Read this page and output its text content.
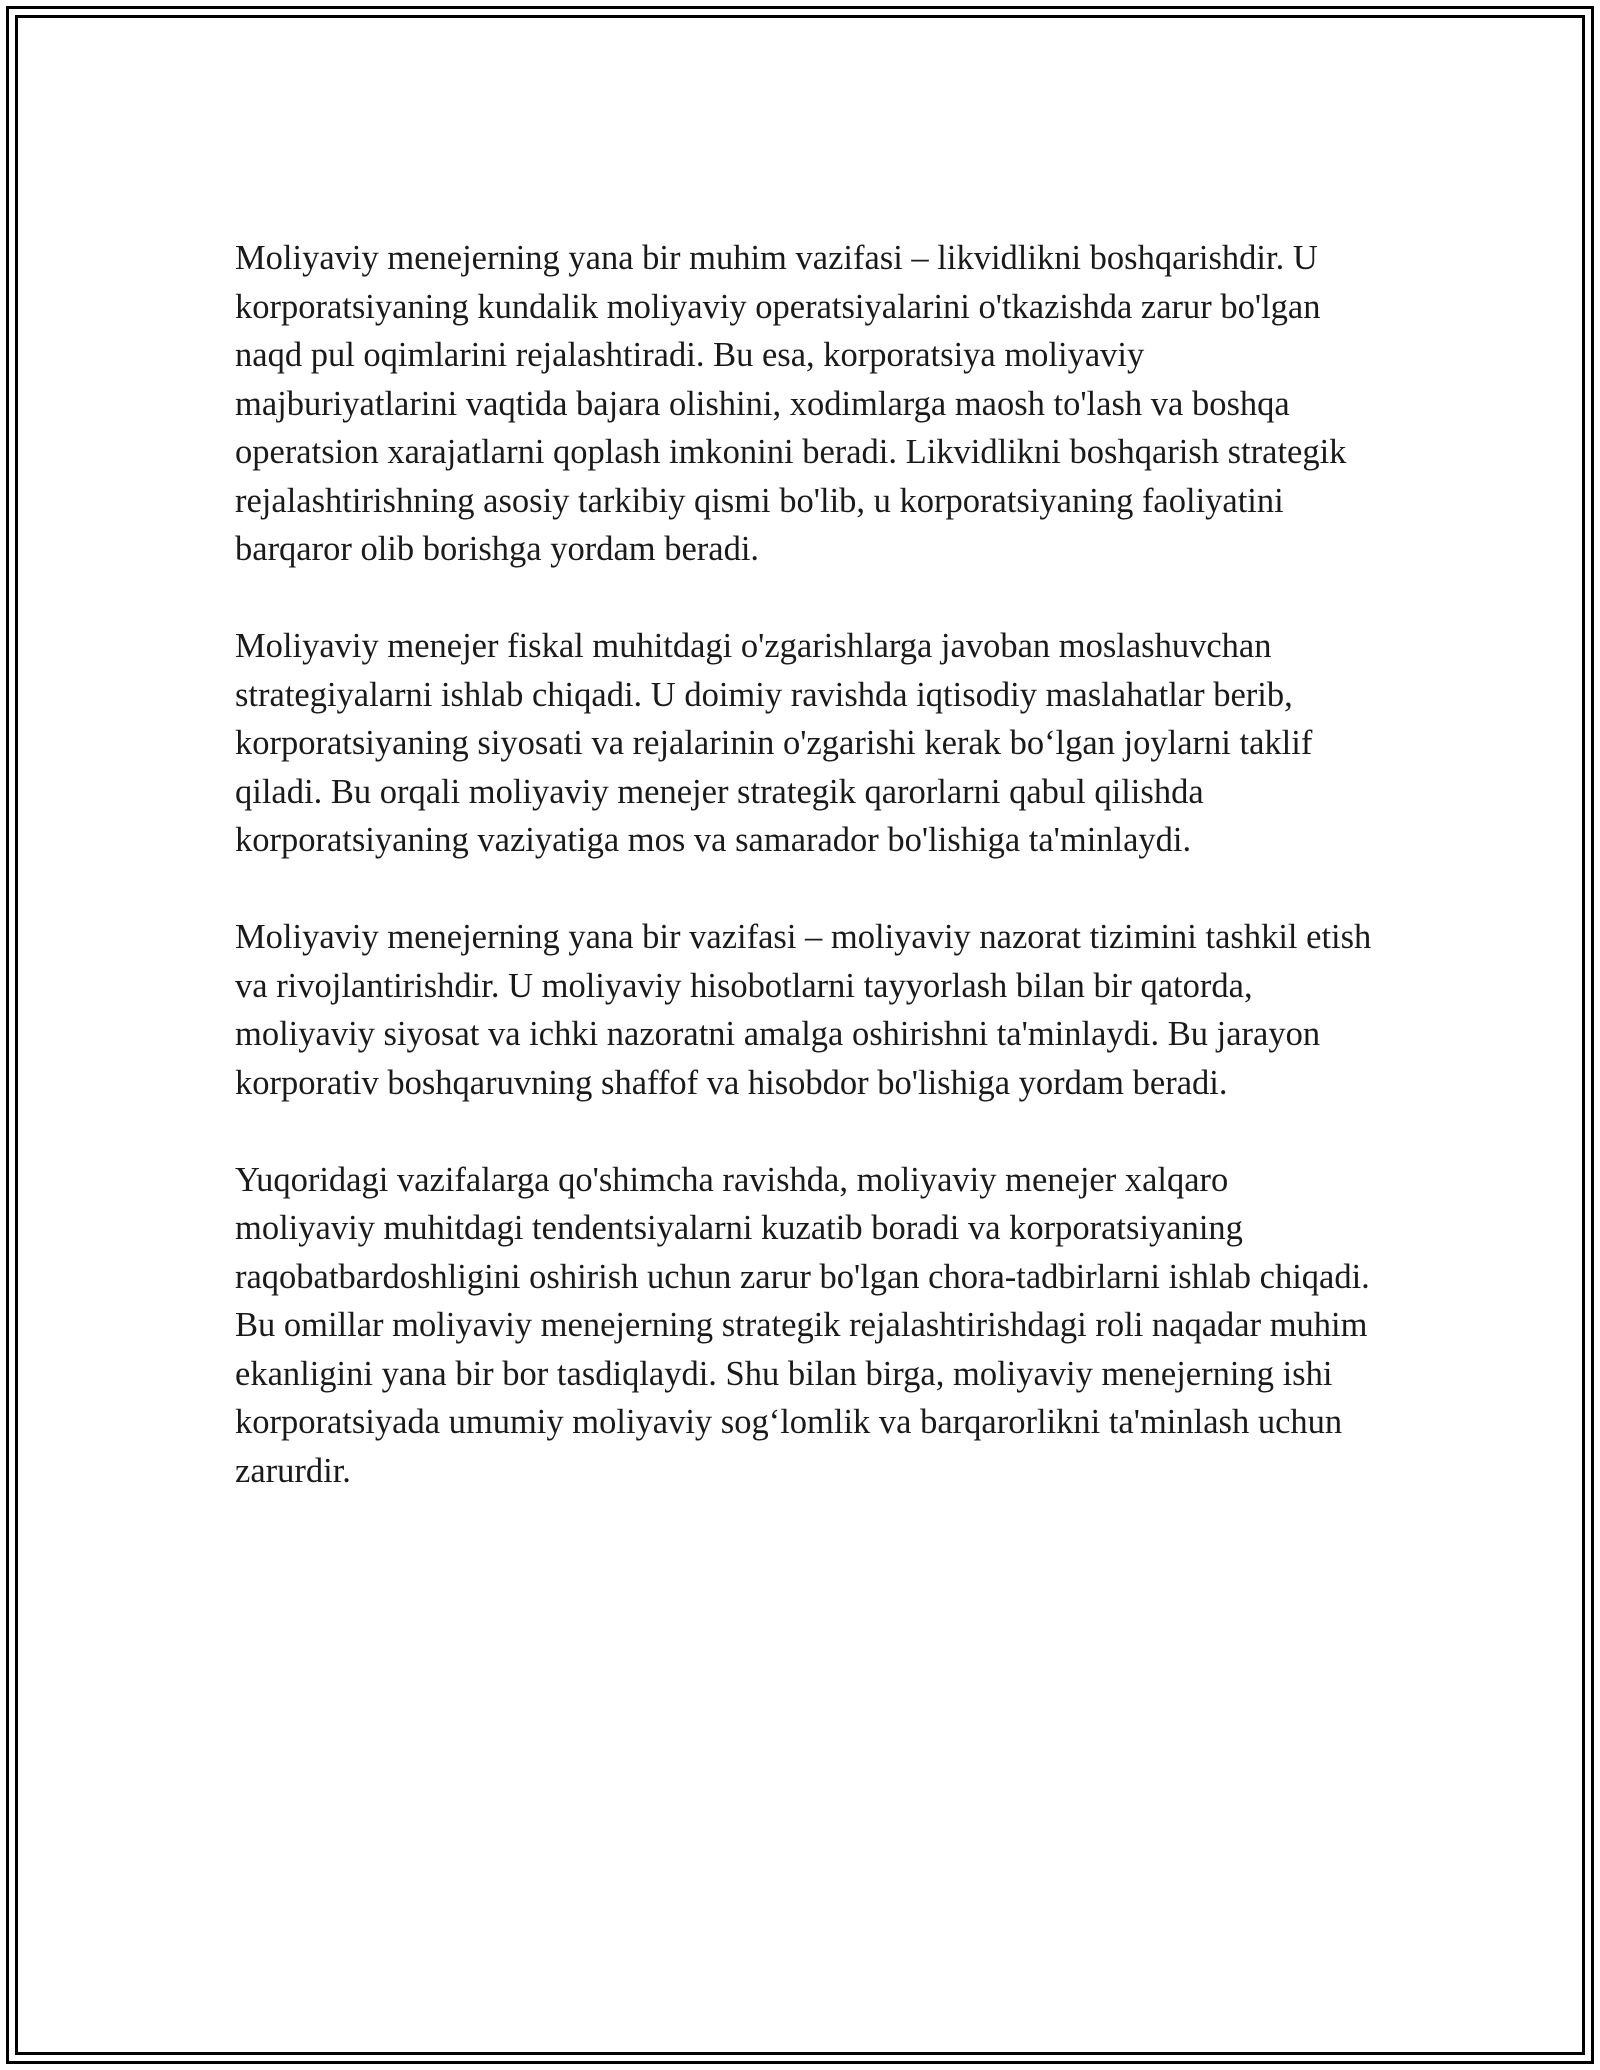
Moliyaviy menejerning yana bir muhim vazifasi – likvidlikni boshqarishdir. U korporatsiyaning kundalik moliyaviy operatsiyalarini o'tkazishda zarur bo'lgan naqd pul oqimlarini rejalashtiradi. Bu esa, korporatsiya moliyaviy majburiyatlarini vaqtida bajara olishini, xodimlarga maosh to'lash va boshqa operatsion xarajatlarni qoplash imkonini beradi. Likvidlikni boshqarish strategik rejalashtirishning asosiy tarkibiy qismi bo'lib, u korporatsiyaning faoliyatini barqaror olib borishga yordam beradi.

Moliyaviy menejer fiskal muhitdagi o'zgarishlarga javoban moslashuvchan strategiyalarni ishlab chiqadi. U doimiy ravishda iqtisodiy maslahatlar berib, korporatsiyaning siyosati va rejalarinin o'zgarishi kerak bo‘lgan joylarni taklif qiladi. Bu orqali moliyaviy menejer strategik qarorlarni qabul qilishda korporatsiyaning vaziyatiga mos va samarador bo'lishiga ta'minlaydi.

Moliyaviy menejerning yana bir vazifasi – moliyaviy nazorat tizimini tashkil etish va rivojlantirishdir. U moliyaviy hisobotlarni tayyorlash bilan bir qatorda, moliyaviy siyosat va ichki nazoratni amalga oshirishni ta'minlaydi. Bu jarayon korporativ boshqaruvning shaffof va hisobdor bo'lishiga yordam beradi.

Yuqoridagi vazifalarga qo'shimcha ravishda, moliyaviy menejer xalqaro moliyaviy muhitdagi tendentsiyalarni kuzatib boradi va korporatsiyaning raqobatbardoshligini oshirish uchun zarur bo'lgan chora-tadbirlarni ishlab chiqadi. Bu omillar moliyaviy menejerning strategik rejalashtirishdagi roli naqadar muhim ekanligini yana bir bor tasdiqlaydi. Shu bilan birga, moliyaviy menejerning ishi korporatsiyada umumiy moliyaviy sog‘lomlik va barqarorlikni ta'minlash uchun zarurdir.
